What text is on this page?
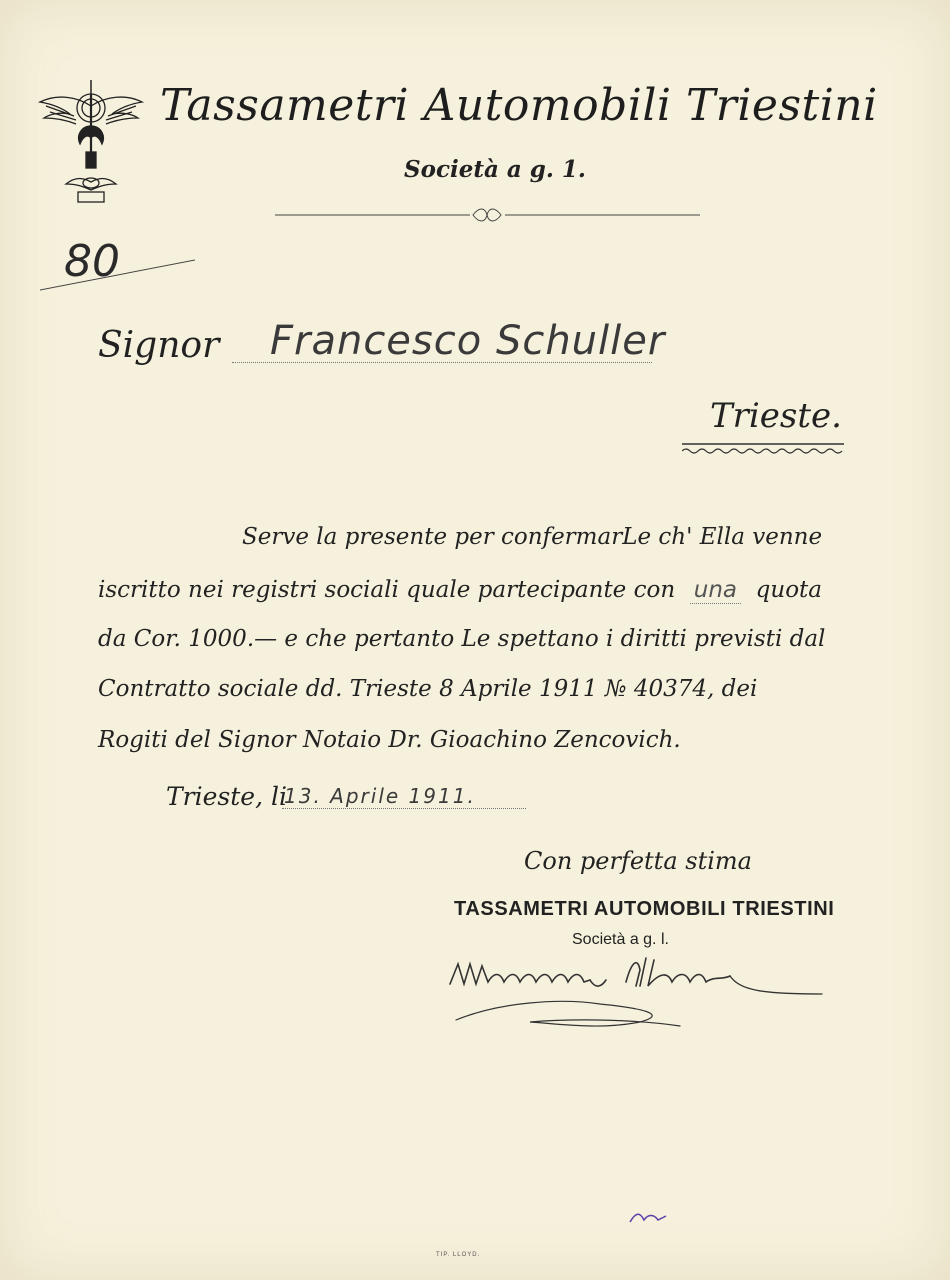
Tassametri Automobili Triestini
Società a g. 1.
80
Signor Francesco Schuller
Trieste.
Serve la presente per confermarLe ch' Ella venne
iscritto nei registri sociali quale partecipante con una quota
da Cor. 1000.— e che pertanto Le spettano i diritti previsti dal
Contratto sociale dd. Trieste 8 Aprile 1911 № 40374, dei
Rogiti del Signor Notaio Dr. Gioachino Zencovich.
Trieste, li
13. Aprile 1911.
Con perfetta stima
TASSAMETRI AUTOMOBILI TRIESTINI
Società a g. l.
TIP. LLOYD.
